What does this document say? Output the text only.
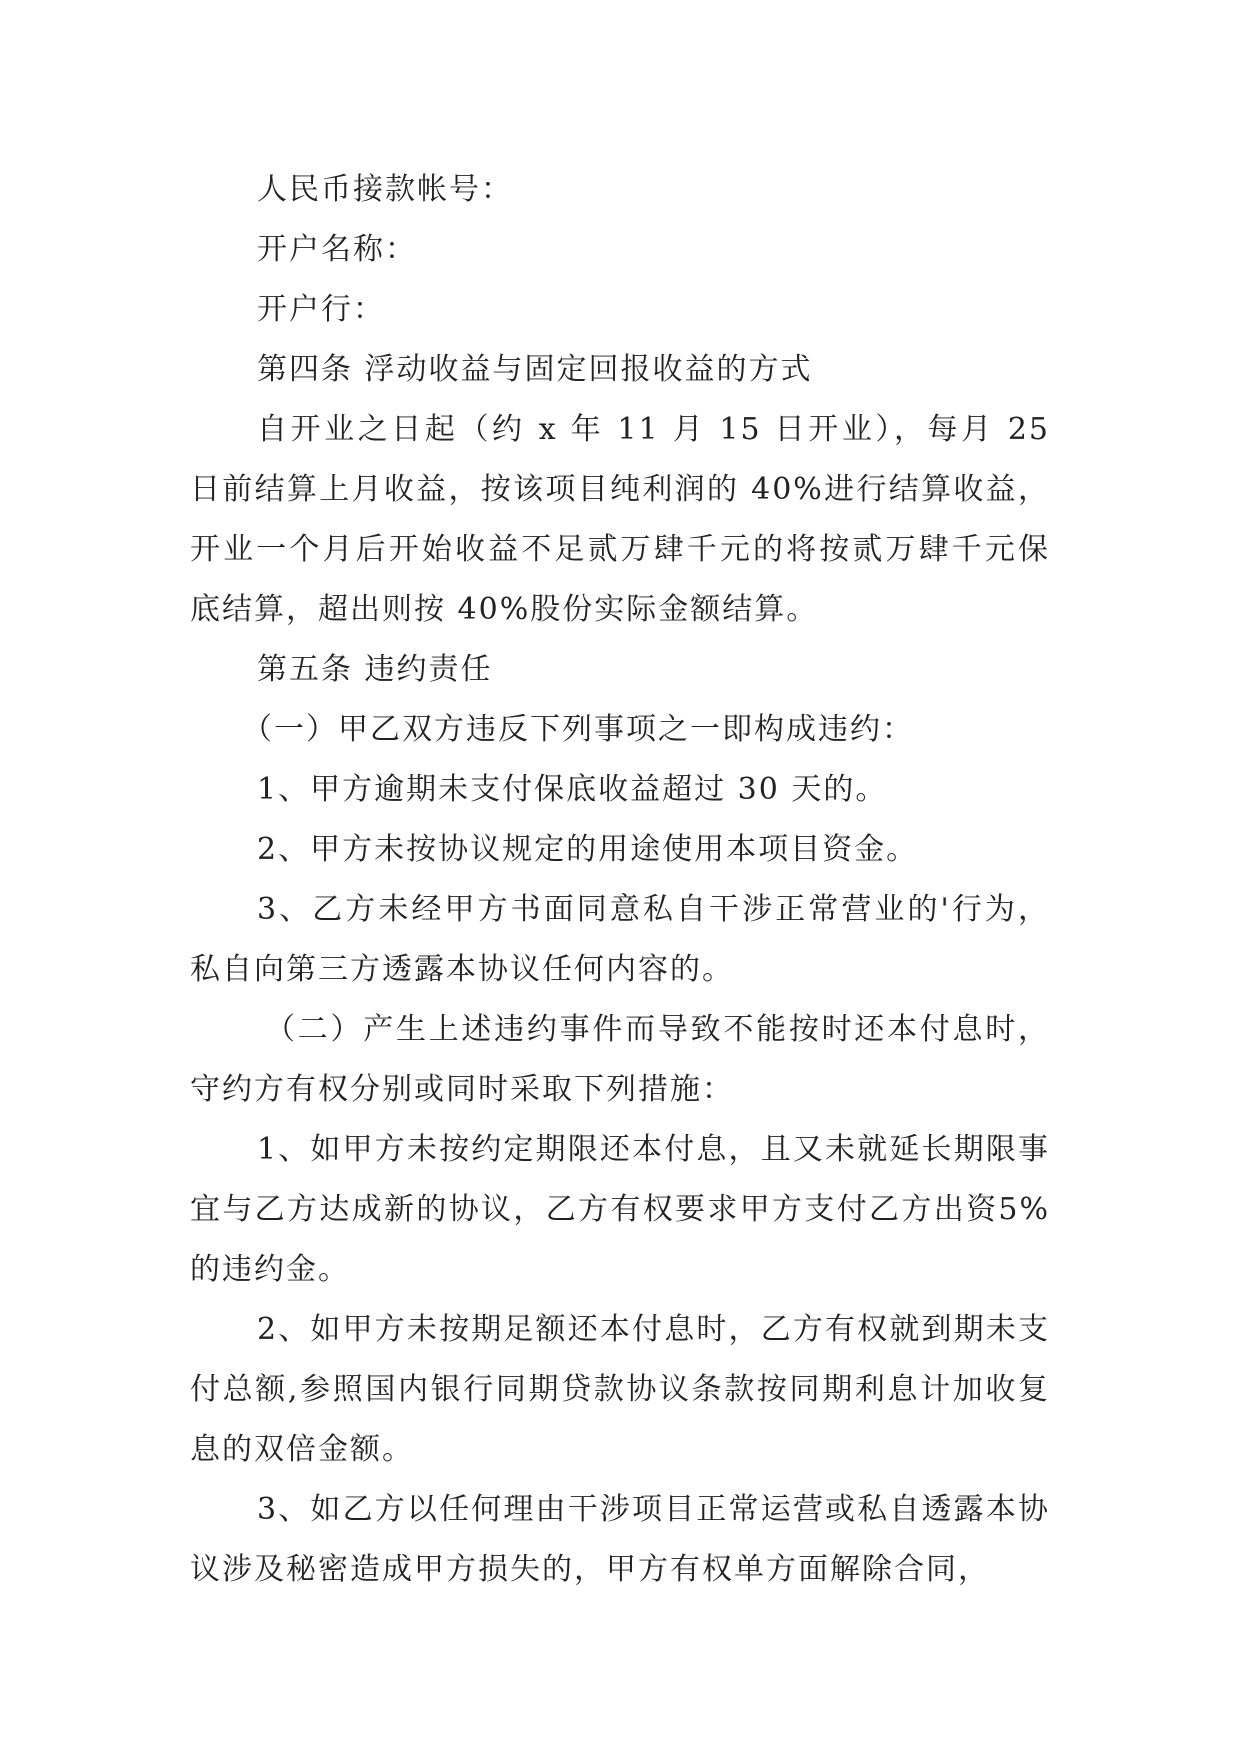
人民币接款帐号：

开户名称：

开户行：

第四条 浮动收益与固定回报收益的方式

自开业之日起（约 x 年 11 月 15 日开业），每月 25 日前结算上月收益，按该项目纯利润的 40%进行结算收益，开业一个月后开始收益不足贰万肆千元的将按贰万肆千元保底结算，超出则按 40%股份实际金额结算。

第五条 违约责任

（一）甲乙双方违反下列事项之一即构成违约：

1、甲方逾期未支付保底收益超过 30 天的。

2、甲方未按协议规定的用途使用本项目资金。

3、乙方未经甲方书面同意私自干涉正常营业的'行为，私自向第三方透露本协议任何内容的。

（二）产生上述违约事件而导致不能按时还本付息时，守约方有权分别或同时采取下列措施：

1、如甲方未按约定期限还本付息，且又未就延长期限事宜与乙方达成新的协议，乙方有权要求甲方支付乙方出资5%的违约金。

2、如甲方未按期足额还本付息时，乙方有权就到期未支付总额,参照国内银行同期贷款协议条款按同期利息计加收复息的双倍金额。

3、如乙方以任何理由干涉项目正常运营或私自透露本协议涉及秘密造成甲方损失的，甲方有权单方面解除合同，
